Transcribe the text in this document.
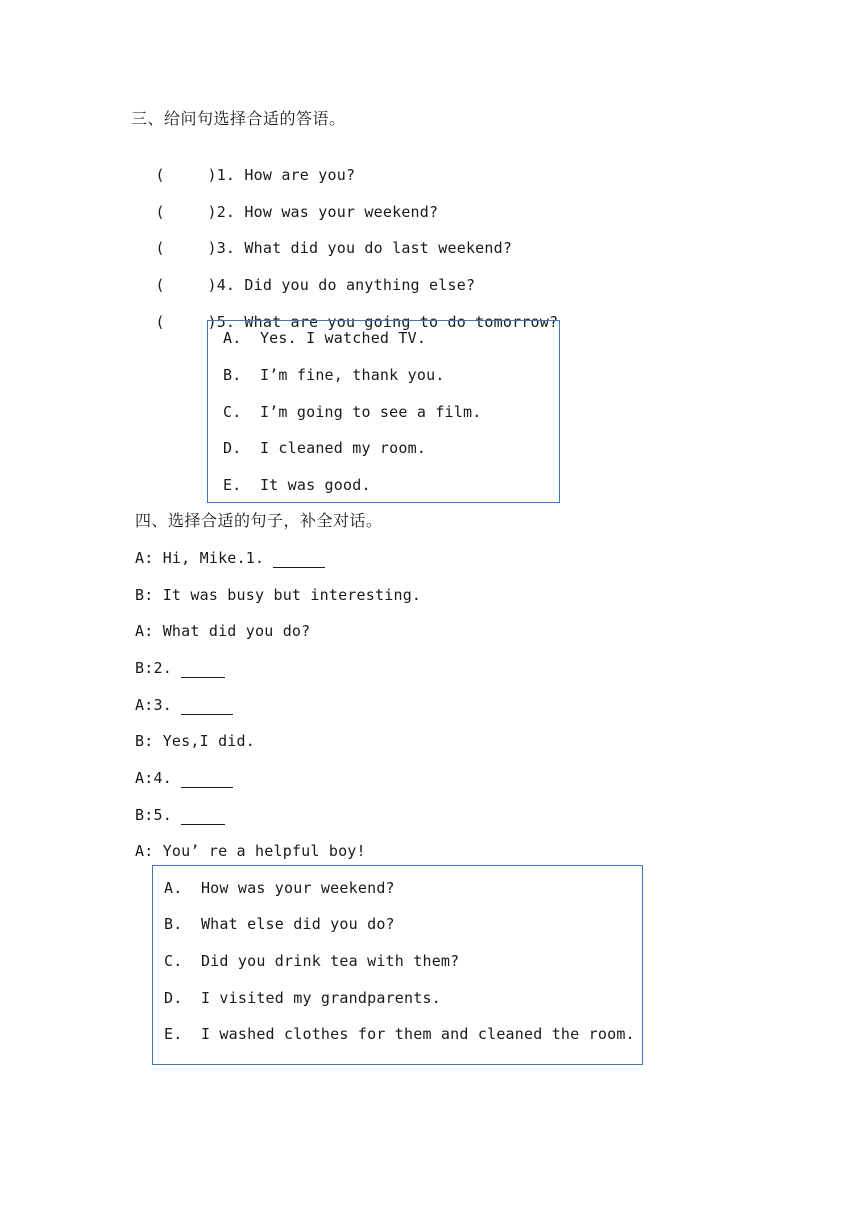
三、给问句选择合适的答语。

(	)1. How are you?

(	)2. How was your weekend?

(	)3. What did you do last weekend?

(	)4. Did you do anything else?

(	)5. What are you going to do tomorrow?

A. Yes. I watched TV.
B. I’m fine, thank you.
C. I’m going to see a film.
D. I cleaned my room.
E. It was good.
四、选择合适的句子，补全对话。
A: Hi, Mike.1.
B: It was busy but interesting.
A: What did you do?
B:2.
A:3.
B: Yes,I did.
A:4.
B:5.
A: You’ re a helpful boy!
A. How was your weekend?
B. What else did you do?
C. Did you drink tea with them?
D. I visited my grandparents.
E. I washed clothes for them and cleaned the room.
